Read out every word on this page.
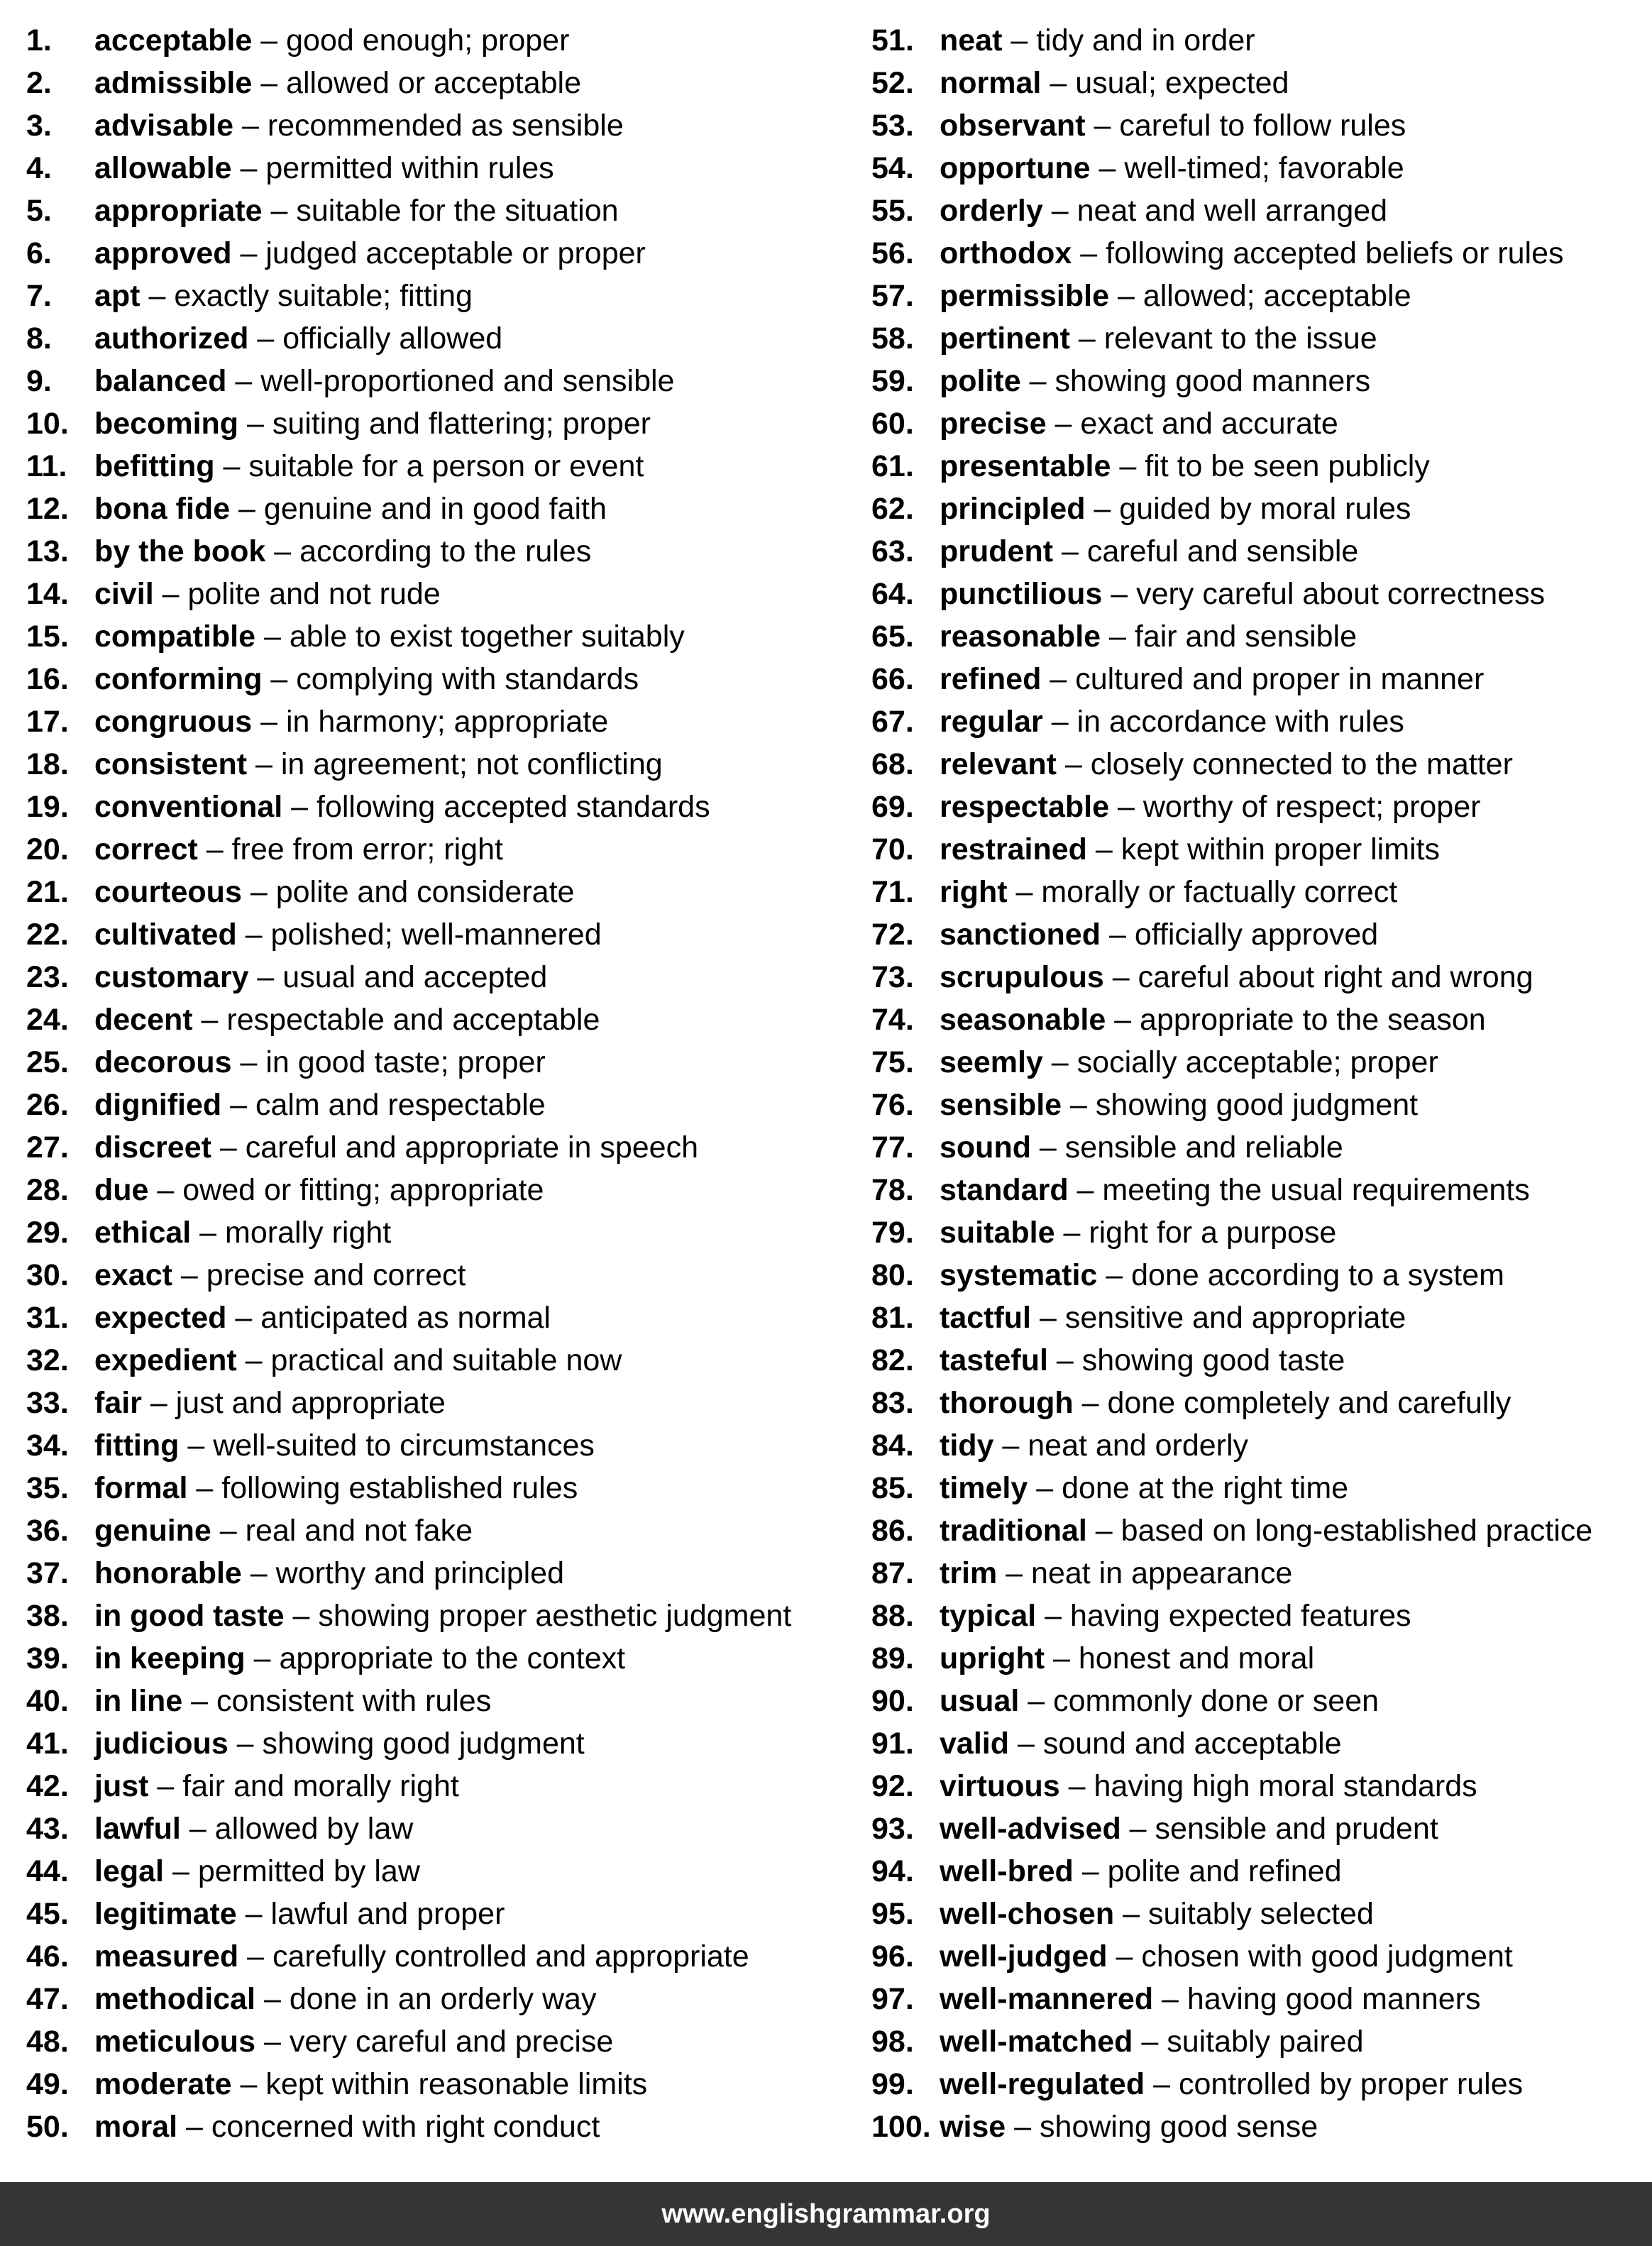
1. acceptable – good enough; proper
2. admissible – allowed or acceptable
3. advisable – recommended as sensible
4. allowable – permitted within rules
5. appropriate – suitable for the situation
6. approved – judged acceptable or proper
7. apt – exactly suitable; fitting
8. authorized – officially allowed
9. balanced – well-proportioned and sensible
10. becoming – suiting and flattering; proper
11. befitting – suitable for a person or event
12. bona fide – genuine and in good faith
13. by the book – according to the rules
14. civil – polite and not rude
15. compatible – able to exist together suitably
16. conforming – complying with standards
17. congruous – in harmony; appropriate
18. consistent – in agreement; not conflicting
19. conventional – following accepted standards
20. correct – free from error; right
21. courteous – polite and considerate
22. cultivated – polished; well-mannered
23. customary – usual and accepted
24. decent – respectable and acceptable
25. decorous – in good taste; proper
26. dignified – calm and respectable
27. discreet – careful and appropriate in speech
28. due – owed or fitting; appropriate
29. ethical – morally right
30. exact – precise and correct
31. expected – anticipated as normal
32. expedient – practical and suitable now
33. fair – just and appropriate
34. fitting – well-suited to circumstances
35. formal – following established rules
36. genuine – real and not fake
37. honorable – worthy and principled
38. in good taste – showing proper aesthetic judgment
39. in keeping – appropriate to the context
40. in line – consistent with rules
41. judicious – showing good judgment
42. just – fair and morally right
43. lawful – allowed by law
44. legal – permitted by law
45. legitimate – lawful and proper
46. measured – carefully controlled and appropriate
47. methodical – done in an orderly way
48. meticulous – very careful and precise
49. moderate – kept within reasonable limits
50. moral – concerned with right conduct
51. neat – tidy and in order
52. normal – usual; expected
53. observant – careful to follow rules
54. opportune – well-timed; favorable
55. orderly – neat and well arranged
56. orthodox – following accepted beliefs or rules
57. permissible – allowed; acceptable
58. pertinent – relevant to the issue
59. polite – showing good manners
60. precise – exact and accurate
61. presentable – fit to be seen publicly
62. principled – guided by moral rules
63. prudent – careful and sensible
64. punctilious – very careful about correctness
65. reasonable – fair and sensible
66. refined – cultured and proper in manner
67. regular – in accordance with rules
68. relevant – closely connected to the matter
69. respectable – worthy of respect; proper
70. restrained – kept within proper limits
71. right – morally or factually correct
72. sanctioned – officially approved
73. scrupulous – careful about right and wrong
74. seasonable – appropriate to the season
75. seemly – socially acceptable; proper
76. sensible – showing good judgment
77. sound – sensible and reliable
78. standard – meeting the usual requirements
79. suitable – right for a purpose
80. systematic – done according to a system
81. tactful – sensitive and appropriate
82. tasteful – showing good taste
83. thorough – done completely and carefully
84. tidy – neat and orderly
85. timely – done at the right time
86. traditional – based on long-established practice
87. trim – neat in appearance
88. typical – having expected features
89. upright – honest and moral
90. usual – commonly done or seen
91. valid – sound and acceptable
92. virtuous – having high moral standards
93. well-advised – sensible and prudent
94. well-bred – polite and refined
95. well-chosen – suitably selected
96. well-judged – chosen with good judgment
97. well-mannered – having good manners
98. well-matched – suitably paired
99. well-regulated – controlled by proper rules
100. wise – showing good sense
www.englishgrammar.org
